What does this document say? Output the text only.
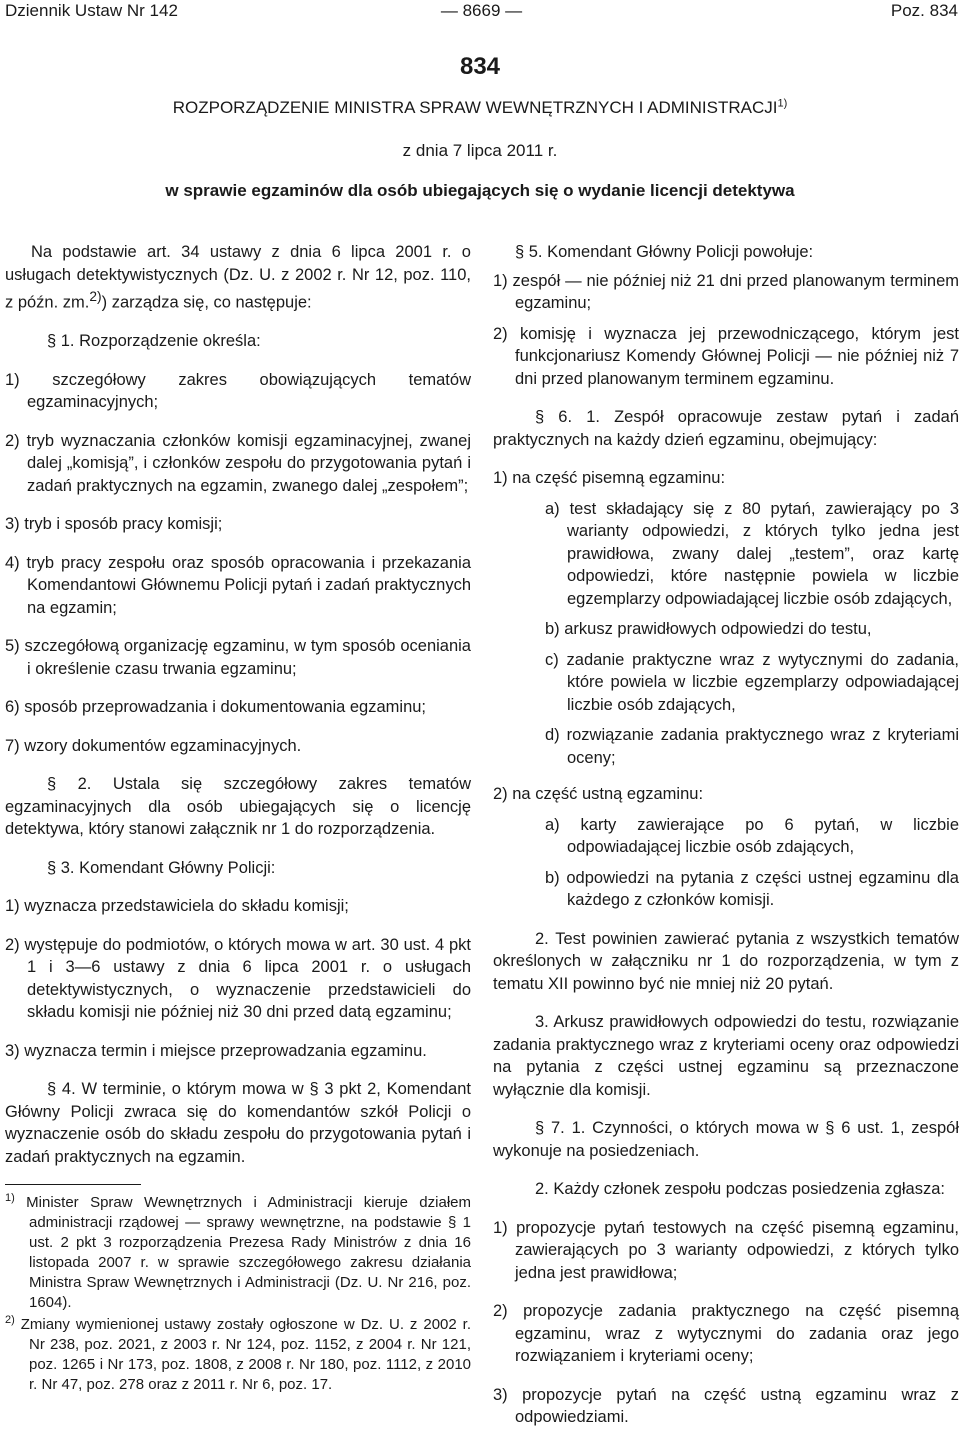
Dziennik Ustaw Nr 142	— 8669 —	Poz. 834
834
ROZPORZĄDZENIE MINISTRA SPRAW WEWNĘTRZNYCH I ADMINISTRACJI$^{1)}$
z dnia 7 lipca 2011 r.
w sprawie egzaminów dla osób ubiegających się o wydanie licencji detektywa

Na podstawie art. 34 ustawy z dnia 6 lipca 2001 r. o usługach detektywistycznych (Dz. U. z 2002 r. Nr 12, poz. 110, z późn. zm.$^{2)}$) zarządza się, co następuje:

§ 1. Rozporządzenie określa:

1) szczegółowy zakres obowiązujących tematów egzaminacyjnych;

2) tryb wyznaczania członków komisji egzaminacyjnej, zwanej dalej „komisją”, i członków zespołu do przygotowania pytań i zadań praktycznych na egzamin, zwanego dalej „zespołem”;

3) tryb i sposób pracy komisji;

4) tryb pracy zespołu oraz sposób opracowania i przekazania Komendantowi Głównemu Policji pytań i zadań praktycznych na egzamin;

5) szczegółową organizację egzaminu, w tym sposób oceniania i określenie czasu trwania egzaminu;

6) sposób przeprowadzania i dokumentowania egzaminu;

7) wzory dokumentów egzaminacyjnych.

§ 2. Ustala się szczegółowy zakres tematów egzaminacyjnych dla osób ubiegających się o licencję detektywa, który stanowi załącznik nr 1 do rozporządzenia.

§ 3. Komendant Główny Policji:

1) wyznacza przedstawiciela do składu komisji;

2) występuje do podmiotów, o których mowa w art. 30 ust. 4 pkt 1 i 3—6 ustawy z dnia 6 lipca 2001 r. o usługach detektywistycznych, o wyznaczenie przedstawicieli do składu komisji nie później niż 30 dni przed datą egzaminu;

3) wyznacza termin i miejsce przeprowadzania egzaminu.

§ 4. W terminie, o którym mowa w § 3 pkt 2, Komendant Główny Policji zwraca się do komendantów szkół Policji o wyznaczenie osób do składu zespołu do przygotowania pytań i zadań praktycznych na egzamin.

$^{1)}$ Minister Spraw Wewnętrznych i Administracji kieruje działem administracji rządowej — sprawy wewnętrzne, na podstawie § 1 ust. 2 pkt 3 rozporządzenia Prezesa Rady Ministrów z dnia 16 listopada 2007 r. w sprawie szczegółowego zakresu działania Ministra Spraw Wewnętrznych i Administracji (Dz. U. Nr 216, poz. 1604).

$^{2)}$ Zmiany wymienionej ustawy zostały ogłoszone w Dz. U. z 2002 r. Nr 238, poz. 2021, z 2003 r. Nr 124, poz. 1152, z 2004 r. Nr 121, poz. 1265 i Nr 173, poz. 1808, z 2008 r. Nr 180, poz. 1112, z 2010 r. Nr 47, poz. 278 oraz z 2011 r. Nr 6, poz. 17.

§ 5. Komendant Główny Policji powołuje:

1) zespół — nie później niż 21 dni przed planowanym terminem egzaminu;

2) komisję i wyznacza jej przewodniczącego, którym jest funkcjonariusz Komendy Głównej Policji — nie później niż 7 dni przed planowanym terminem egzaminu.

§ 6. 1. Zespół opracowuje zestaw pytań i zadań praktycznych na każdy dzień egzaminu, obejmujący:

1) na część pisemną egzaminu:

a) test składający się z 80 pytań, zawierający po 3 warianty odpowiedzi, z których tylko jedna jest prawidłowa, zwany dalej „testem”, oraz kartę odpowiedzi, które następnie powiela w liczbie egzemplarzy odpowiadającej liczbie osób zdających,

b) arkusz prawidłowych odpowiedzi do testu,

c) zadanie praktyczne wraz z wytycznymi do zadania, które powiela w liczbie egzemplarzy odpowiadającej liczbie osób zdających,

d) rozwiązanie zadania praktycznego wraz z kryteriami oceny;

2) na część ustną egzaminu:

a) karty zawierające po 6 pytań, w liczbie odpowiadającej liczbie osób zdających,

b) odpowiedzi na pytania z części ustnej egzaminu dla każdego z członków komisji.

2. Test powinien zawierać pytania z wszystkich tematów określonych w załączniku nr 1 do rozporządzenia, w tym z tematu XII powinno być nie mniej niż 20 pytań.

3. Arkusz prawidłowych odpowiedzi do testu, rozwiązanie zadania praktycznego wraz z kryteriami oceny oraz odpowiedzi na pytania z części ustnej egzaminu są przeznaczone wyłącznie dla komisji.

§ 7. 1. Czynności, o których mowa w § 6 ust. 1, zespół wykonuje na posiedzeniach.

2. Każdy członek zespołu podczas posiedzenia zgłasza:

1) propozycje pytań testowych na część pisemną egzaminu, zawierających po 3 warianty odpowiedzi, z których tylko jedna jest prawidłowa;

2) propozycje zadania praktycznego na część pisemną egzaminu, wraz z wytycznymi do zadania oraz jego rozwiązaniem i kryteriami oceny;

3) propozycje pytań na część ustną egzaminu wraz z odpowiedziami.
